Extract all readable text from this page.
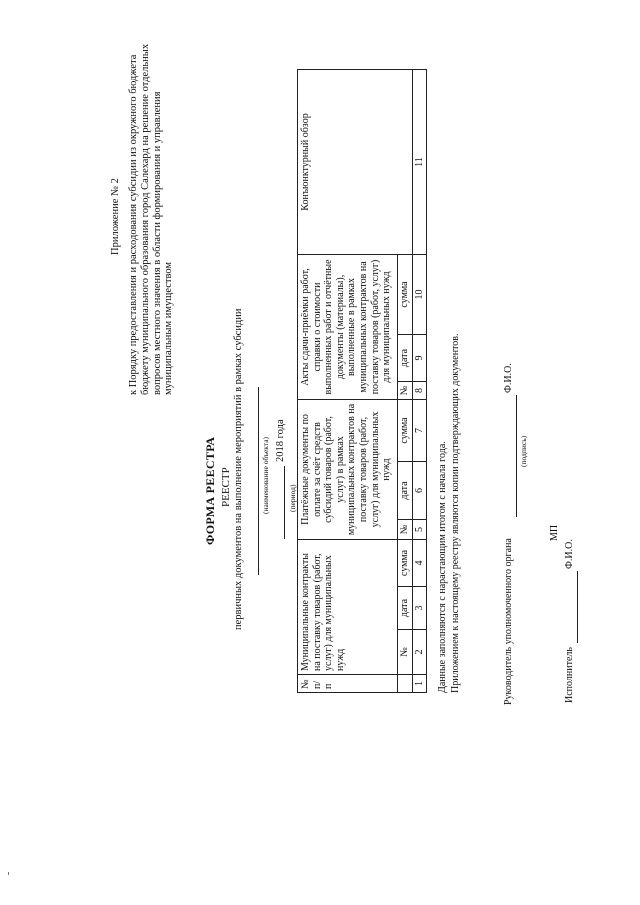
Приложение № 2 к Порядку предоставления и расходования субсидии из окружного бюджета бюджету муниципального образования город Салехард на решение отдельных вопросов местного значения в области формирования и управления муниципальным имуществом
ФОРМА РЕЕСТРА РЕЕСТР первичных документов на выполнение мероприятий в рамках субсидии (наименование объекта) 2018 года
(период)
№ п/п	Муниципальные контракты на поставку товаров (работ, услуг) для муниципальных нужд			Платёжные документы по оплате за счёт средств субсидий товаров (работ, услуг) в рамках муниципальных контрактов на поставку товаров (работ, услуг) для муниципальных нужд			Акты сдачи-приёмки работ, справки о стоимости выполненных работ и отчётные документы (материалы), выполненные в рамках муниципальных контрактов на поставку товаров (работ, услуг) для муниципальных нужд			Конъюнктурный обзор
	№	дата	сумма	№	дата	сумма	№	дата	сумма	
1	2	3	4	5	6	7	8	9	10	11
Данные заполняются с нарастающим итогом с начала года. Приложением к настоящему реестру являются копии подтверждающих документов.	Руководитель уполномоченного органа
Ф.И.О.
(подпись)
МП
Исполнитель
Ф.И.О.
